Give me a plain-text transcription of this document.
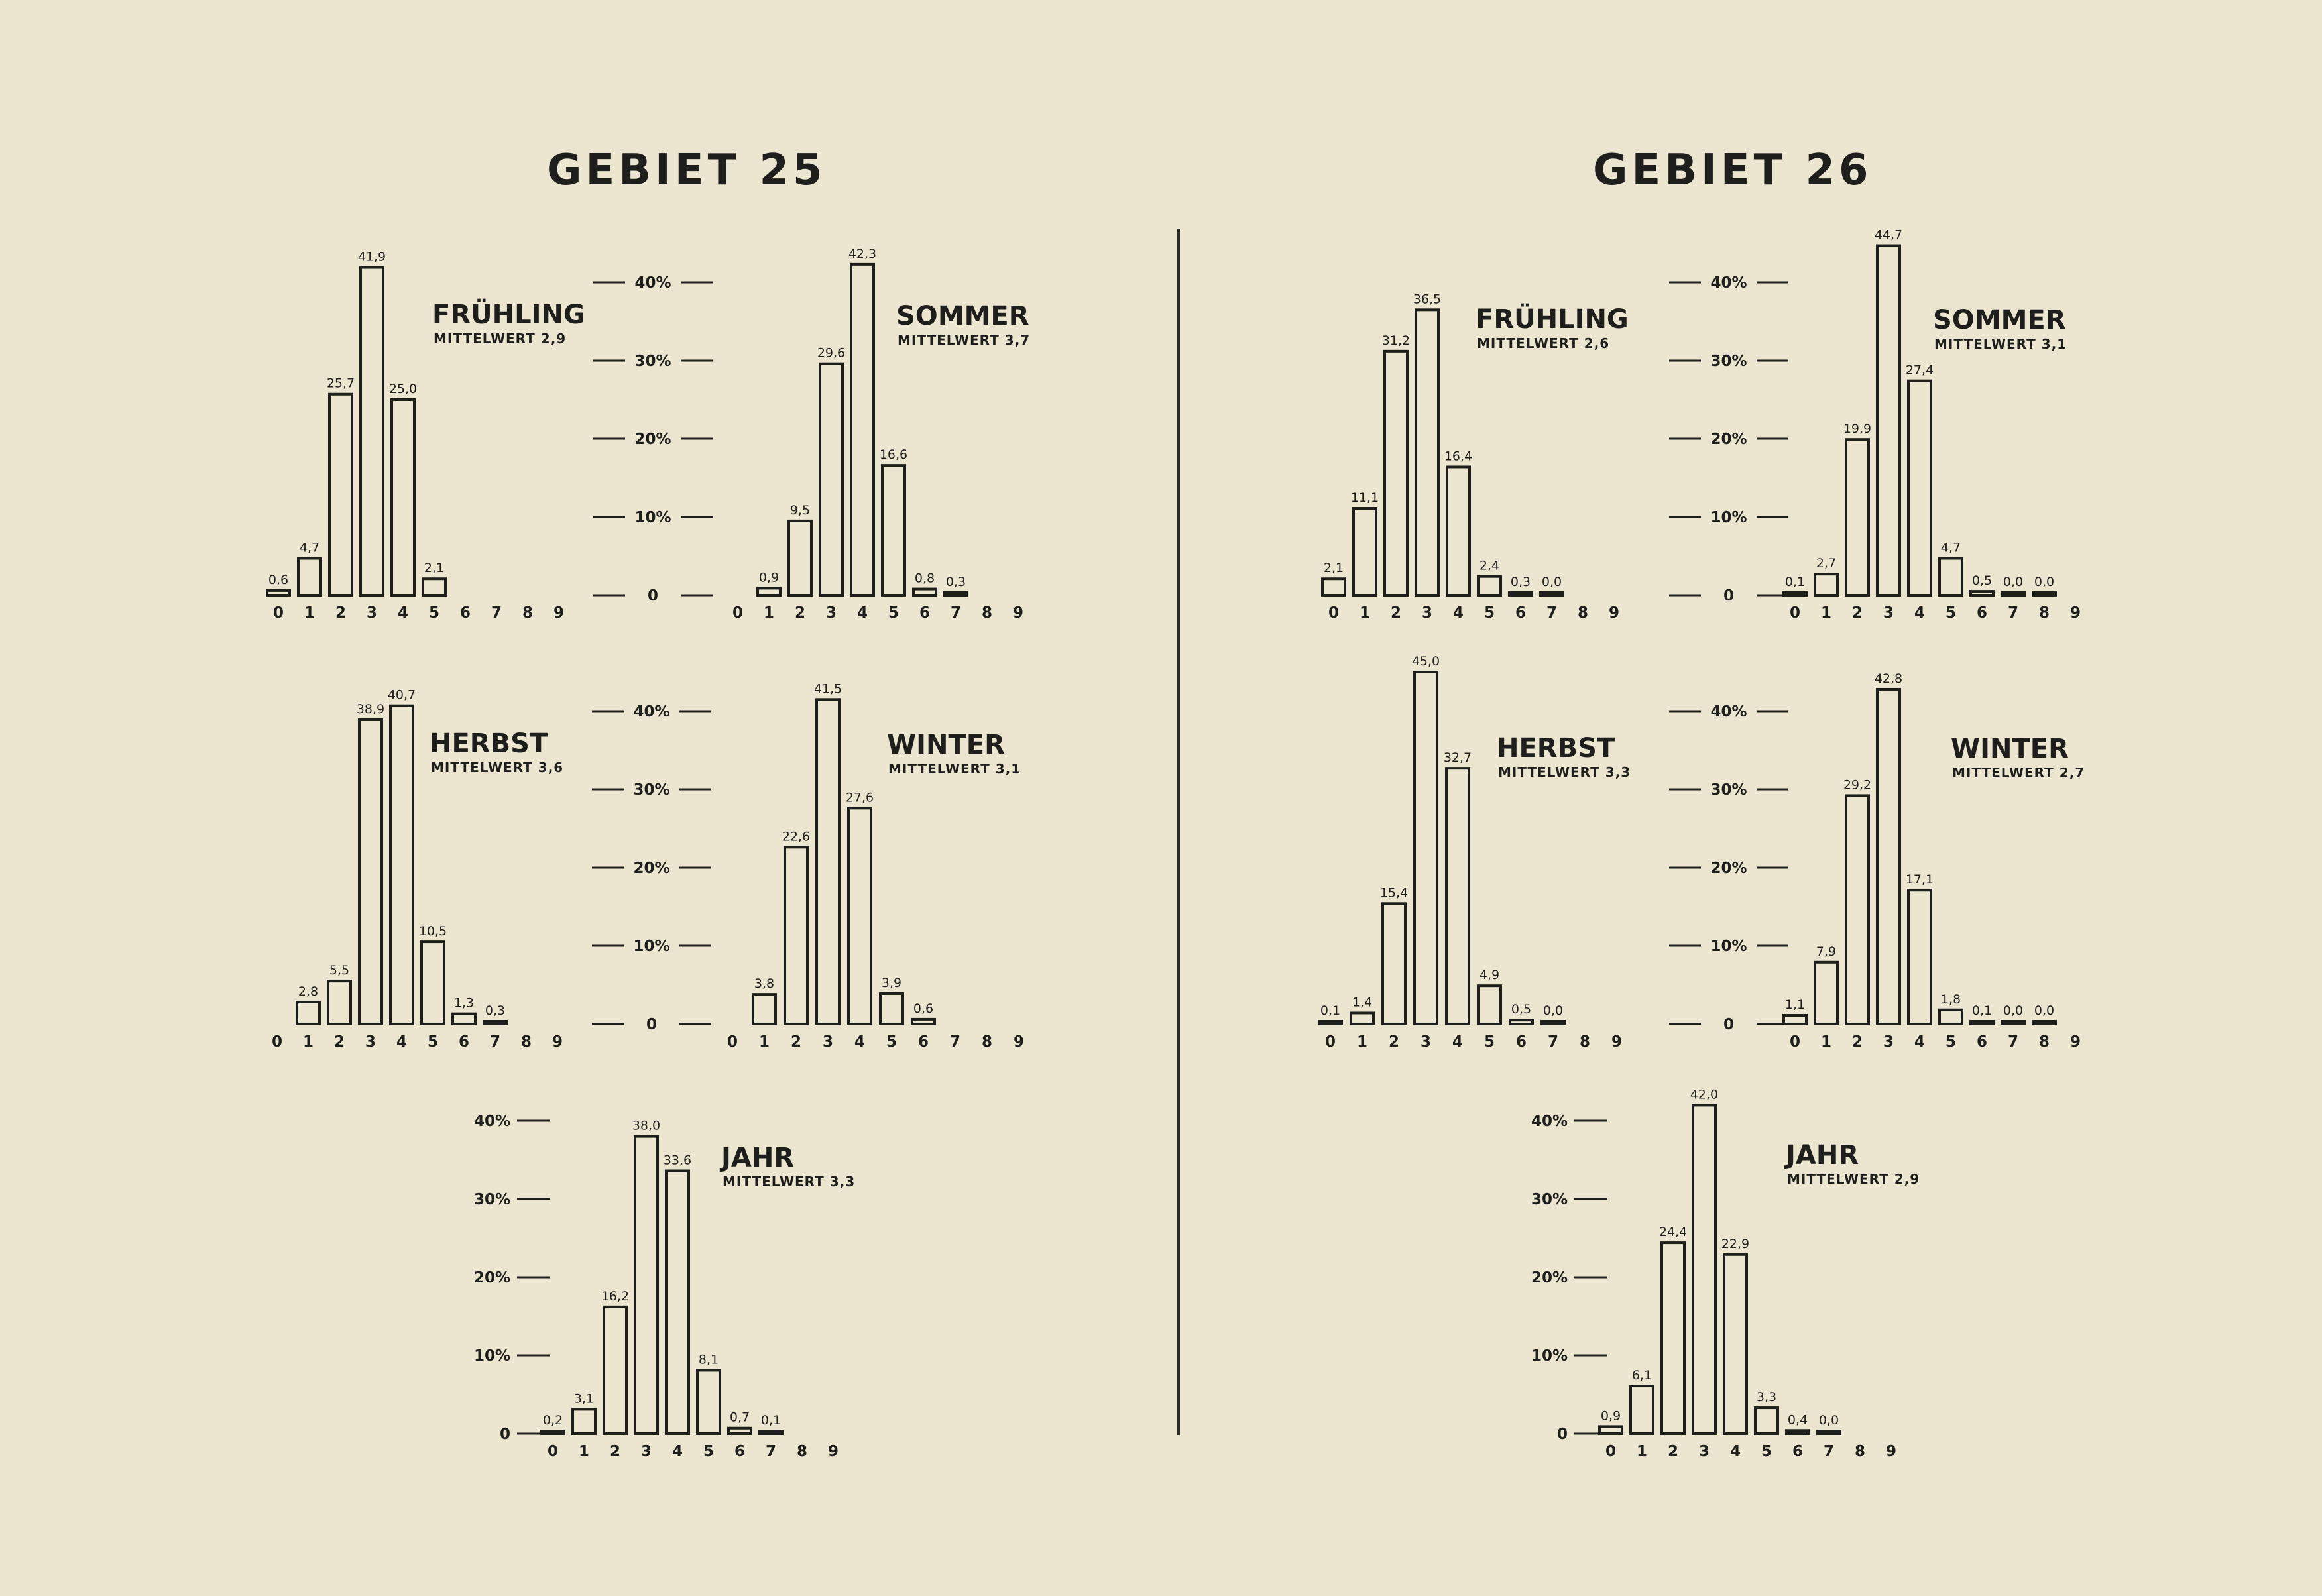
GEBIET 25	GEBIET 26
FRÜHLING
MITTELWERT 2,9
0
0,6
1
4,7
2
25,7
3
41,9
4
25,0
5
2,1
6 7 8 9
SOMMER
MITTELWERT 3,7
0 1
0,9
2
9,5
3
29,6
4
42,3
5
16,6
6
0,8
7
0,3
8 9
HERBST
MITTELWERT 3,6
0 1
2,8
2
5,5
3
38,9
4
40,7
5
10,5
6
1,3
7
0,3
8 9
WINTER
MITTELWERT 3,1
0 1
3,8
2
22,6
3
41,5
4
27,6
5
3,9
6
0,6
7 8 9
JAHR
MITTELWERT 3,3
0
0,2
1
3,1
2
16,2
3
38,0
4
33,6
5
8,1
6
0,7
7
0,1
8 9
FRÜHLING
MITTELWERT 2,6
0
2,1
1
11,1
2
31,2
3
36,5
4
16,4
5
2,4
6
0,3
7
0,0
8 9
SOMMER
MITTELWERT 3,1
0
0,1
1
2,7
2
19,9
3
44,7
4
27,4
5
4,7
6
0,5
7
0,0
8
0,0
9
HERBST
MITTELWERT 3,3
0
0,1
1
1,4
2
15,4
3
45,0
4
32,7
5
4,9
6
0,5
7
0,0
8 9
WINTER
MITTELWERT 2,7
0
1,1
1
7,9
2
29,2
3
42,8
4
17,1
5
1,8
6
0,1
7
0,0
8
0,0
9
JAHR
MITTELWERT 2,9
0
0,9
1
6,1
2
24,4
3
42,0
4
22,9
5
3,3
6
0,4
7
0,0
8 9
40%
30%
20%
10%
0
40%
30%
20%
10%
0
40%
30%
20%
10%
0
40%
30%
20%
10%
0
40%
30%
20%
10%
0
40%
30%
20%
10%
0
